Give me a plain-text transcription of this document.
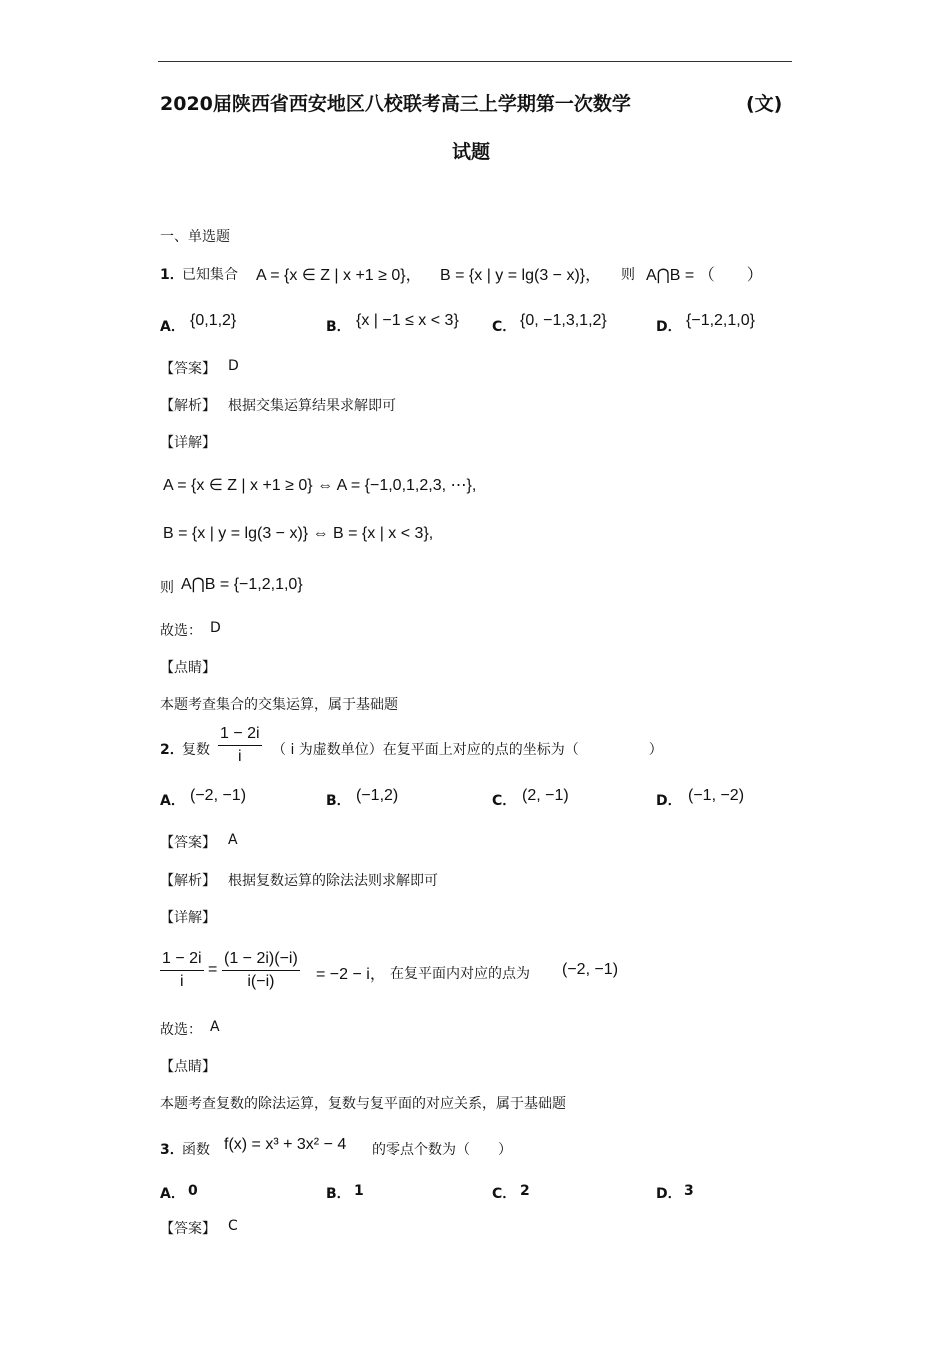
2020届陕西省西安地区八校联考高三上学期第一次数学	(文)
试题
一、单选题
1．
已知集合 A = {x ∈ Z | x +1 ≥ 0}， B = {x | y = lg(3 − x)}， 则 A⋂B = （　　）
A． {0,1,2}	B． {x | −1 ≤ x < 3} C． {0, −1,3,1,2}	D． {−1,2,1,0}
【答案】 D
【解析】 根据交集运算结果求解即可
【详解】
A = {x ∈ Z | x +1 ≥ 0} ⇔ A = {−1,0,1,2,3, ⋯},
B = {x | y = lg(3 − x)} ⇔ B = {x | x < 3},
则 A⋂B = {−1,2,1,0}
故选： D
【点睛】
本题考查集合的交集运算，属于基础题
2．
复数 $\frac{1 - 2i}{i}$ （ i 为虚数单位）在复平面上对应的点的坐标为（　　　　　）
A． (−2, −1)	B． (−1,2)	C． (2, −1)	D． (−1, −2)
【答案】 A
【解析】 根据复数运算的除法法则求解即可
【详解】
$\frac{1 - 2i}{i} = \frac{(1 - 2i)(-i)}{i(-i)} = -2 - i$， 在复平面内对应的点为 (−2, −1)
故选： A
【点睛】
本题考查复数的除法运算，复数与复平面的对应关系，属于基础题
3．
函数 f(x) = x³ + 3x² − 4 的零点个数为（　　）
A． 0	B． 1	C． 2	D． 3
【答案】 C
